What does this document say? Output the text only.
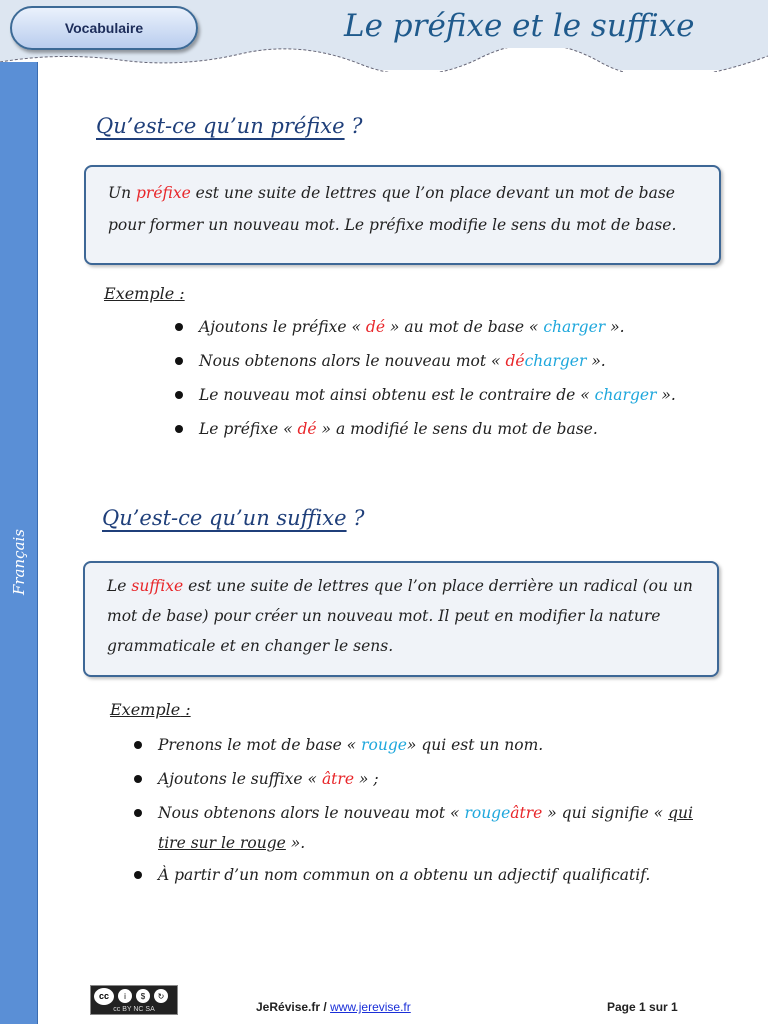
Vocabulaire	Le préfixe et le suffixe
Français
Qu’est-ce qu’un préfixe ?
Un préfixe est une suite de lettres que l’on place devant un mot de base pour former un nouveau mot. Le préfixe modifie le sens du mot de base.
Exemple :
Ajoutons le préfixe « dé » au mot de base « charger ».
Nous obtenons alors le nouveau mot « décharger ».
Le nouveau mot ainsi obtenu est le contraire de « charger ».
Le préfixe « dé » a modifié le sens du mot de base.
Qu’est-ce qu’un suffixe ?
Le suffixe est une suite de lettres que l’on place derrière un radical (ou un mot de base) pour créer un nouveau mot. Il peut en modifier la nature grammaticale et en changer le sens.
Exemple :
Prenons le mot de base « rouge» qui est un nom.
Ajoutons le suffixe « âtre » ;
Nous obtenons alors le nouveau mot « rougeâtre » qui signifie « qui tire sur le rouge ».
À partir d’un nom commun on a obtenu un adjectif qualificatif.
cc	i	$	↻
cc BY NC SA	JeRévise.fr / www.jerevise.fr	Page 1 sur 1
